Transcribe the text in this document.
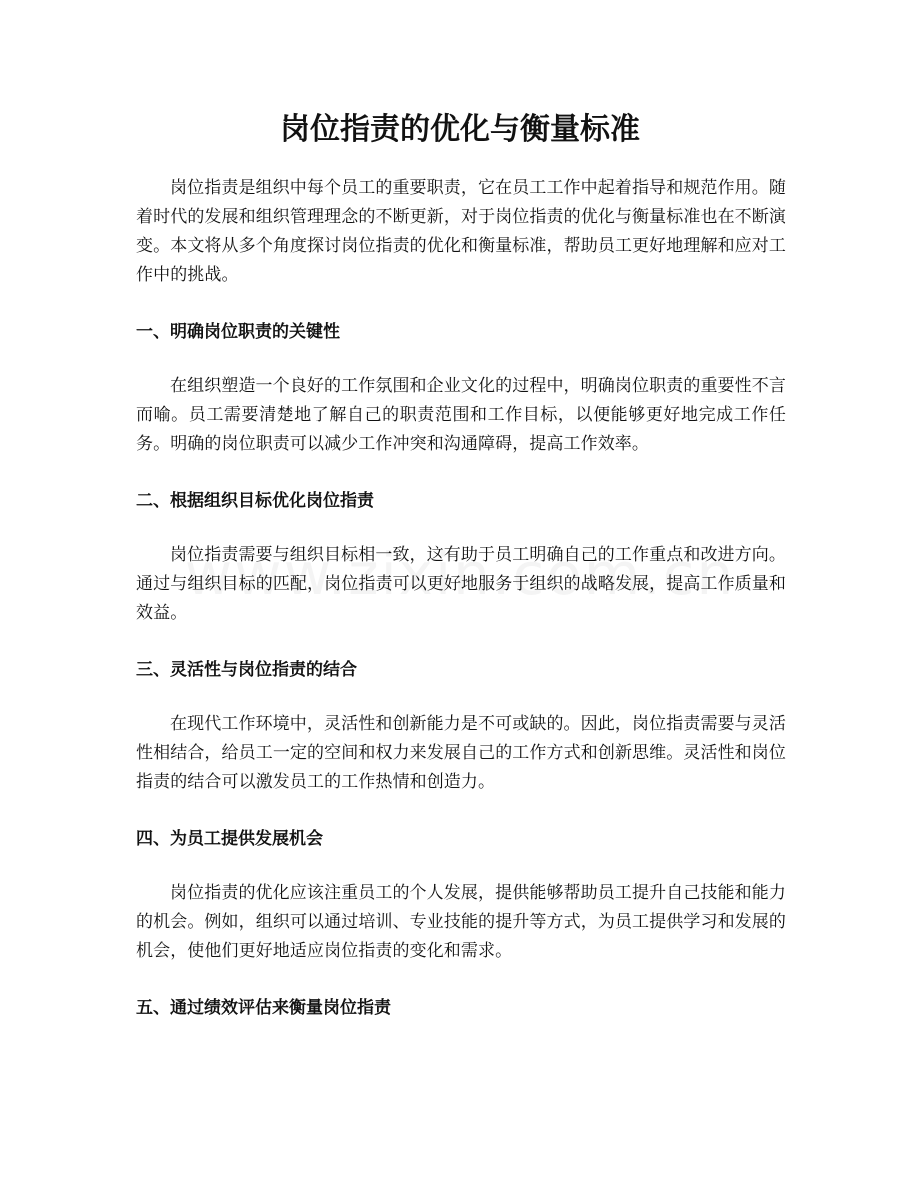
岗位指责的优化与衡量标准

岗位指责是组织中每个员工的重要职责，它在员工工作中起着指导和规范作用。随着时代的发展和组织管理理念的不断更新，对于岗位指责的优化与衡量标准也在不断演变。本文将从多个角度探讨岗位指责的优化和衡量标准，帮助员工更好地理解和应对工作中的挑战。

一、明确岗位职责的关键性

在组织塑造一个良好的工作氛围和企业文化的过程中，明确岗位职责的重要性不言而喻。员工需要清楚地了解自己的职责范围和工作目标，以便能够更好地完成工作任务。明确的岗位职责可以减少工作冲突和沟通障碍，提高工作效率。

二、根据组织目标优化岗位指责

岗位指责需要与组织目标相一致，这有助于员工明确自己的工作重点和改进方向。通过与组织目标的匹配，岗位指责可以更好地服务于组织的战略发展，提高工作质量和效益。

三、灵活性与岗位指责的结合

在现代工作环境中，灵活性和创新能力是不可或缺的。因此，岗位指责需要与灵活性相结合，给员工一定的空间和权力来发展自己的工作方式和创新思维。灵活性和岗位指责的结合可以激发员工的工作热情和创造力。

四、为员工提供发展机会

岗位指责的优化应该注重员工的个人发展，提供能够帮助员工提升自己技能和能力的机会。例如，组织可以通过培训、专业技能的提升等方式，为员工提供学习和发展的机会，使他们更好地适应岗位指责的变化和需求。

五、通过绩效评估来衡量岗位指责
